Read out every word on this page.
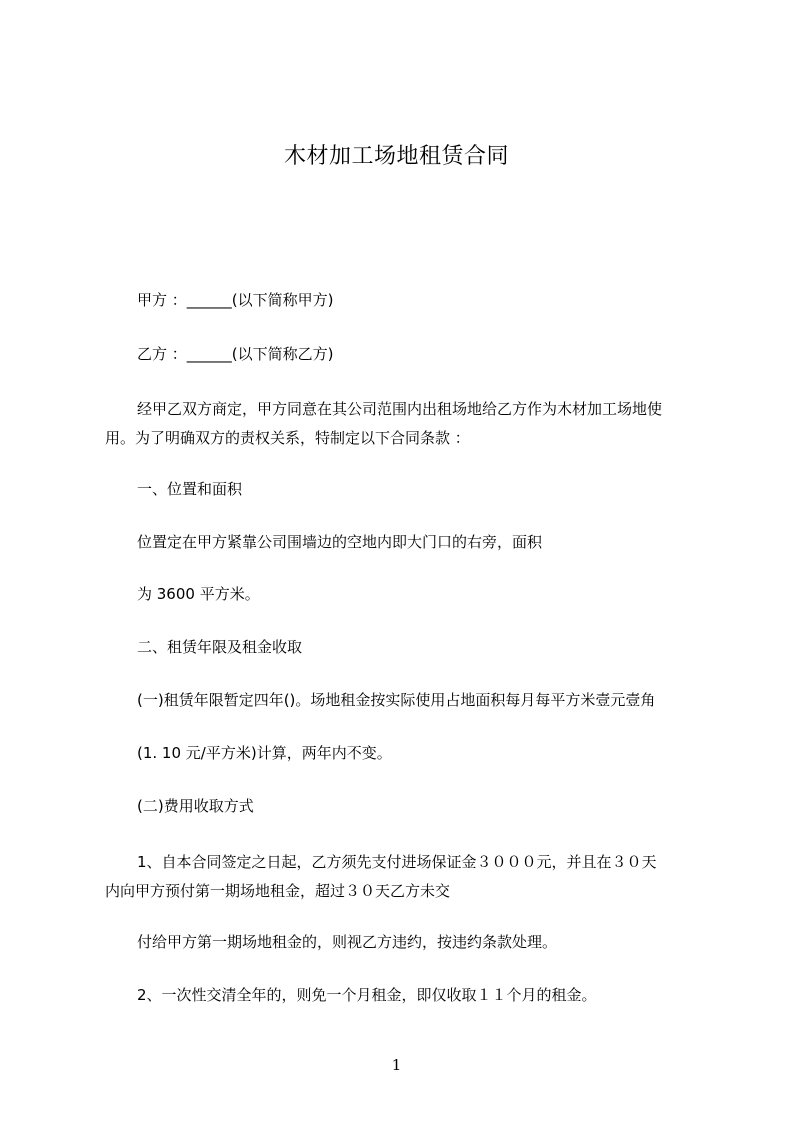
木材加工场地租赁合同
甲方 ：______(以下简称甲方)
乙方 ：______(以下简称乙方)
经甲乙双方商定，甲方同意在其公司范围内出租场地给乙方作为木材加工场地使
用。为了明确双方的责权关系，特制定以下合同条款 ：
一、位置和面积
位置定在甲方紧靠公司围墙边的空地内即大门口的右旁，面积
为 3600 平方米。
二、租赁年限及租金收取
(一)租赁年限暂定四年()。场地租金按实际使用占地面积每月每平方米壹元壹角
(1. 10 元/平方米)计算，两年内不变。
(二)费用收取方式
1、自本合同签定之日起，乙方须先支付进场保证金３０００元，并且在３０天
内向甲方预付第一期场地租金，超过３０天乙方未交
付给甲方第一期场地租金的，则视乙方违约，按违约条款处理。
2、一次性交清全年的，则免一个月租金，即仅收取１１个月的租金。
1
